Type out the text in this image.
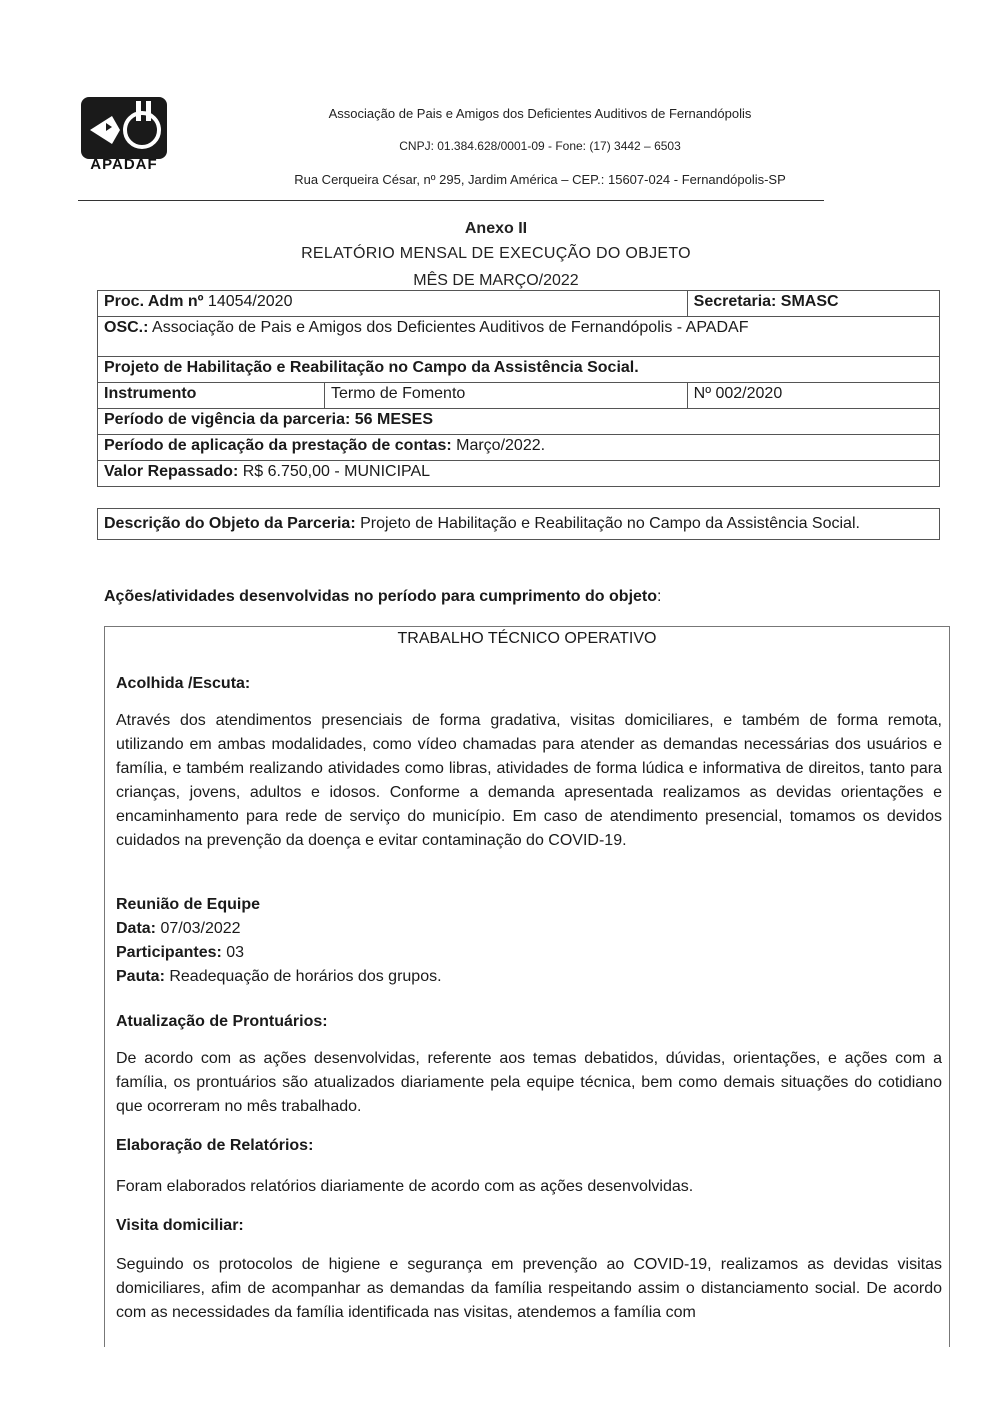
APADAF
Associação de Pais e Amigos dos Deficientes Auditivos de Fernandópolis
CNPJ: 01.384.628/0001-09 - Fone: (17) 3442 – 6503
Rua Cerqueira César, nº 295, Jardim América – CEP.: 15607-024 - Fernandópolis-SP
Anexo II
RELATÓRIO MENSAL DE EXECUÇÃO DO OBJETO
MÊS DE MARÇO/2022
Proc. Adm nº 14054/2020		Secretaria: SMASC
OSC.: Associação de Pais e Amigos dos Deficientes Auditivos de Fernandópolis - APADAF		
Projeto de Habilitação e Reabilitação no Campo da Assistência Social.		
Instrumento	Termo de Fomento	Nº 002/2020
Período de vigência da parceria: 56 MESES		
Período de aplicação da prestação de contas: Março/2022.		
Valor Repassado: R$ 6.750,00 - MUNICIPAL		
Descrição do Objeto da Parceria: Projeto de Habilitação e Reabilitação no Campo da Assistência Social.
Ações/atividades desenvolvidas no período para cumprimento do objeto:
TRABALHO TÉCNICO OPERATIVO
Acolhida /Escuta:

Através dos atendimentos presenciais de forma gradativa, visitas domiciliares, e também de forma remota, utilizando em ambas modalidades, como vídeo chamadas para atender as demandas necessárias dos usuários e família, e também realizando atividades como libras, atividades de forma lúdica e informativa de direitos, tanto para crianças, jovens, adultos e idosos. Conforme a demanda apresentada realizamos as devidas orientações e encaminhamento para rede de serviço do município. Em caso de atendimento presencial, tomamos os devidos cuidados na prevenção da doença e evitar contaminação do COVID-19.

Reunião de Equipe

Data: 07/03/2022

Participantes: 03

Pauta: Readequação de horários dos grupos.

Atualização de Prontuários:

De acordo com as ações desenvolvidas, referente aos temas debatidos, dúvidas, orientações, e ações com a família, os prontuários são atualizados diariamente pela equipe técnica, bem como demais situações do cotidiano que ocorreram no mês trabalhado.

Elaboração de Relatórios:

Foram elaborados relatórios diariamente de acordo com as ações desenvolvidas.

Visita domiciliar:

Seguindo os protocolos de higiene e segurança em prevenção ao COVID-19, realizamos as devidas visitas domiciliares, afim de acompanhar as demandas da família respeitando assim o distanciamento social. De acordo com as necessidades da família identificada nas visitas, atendemos a família com
